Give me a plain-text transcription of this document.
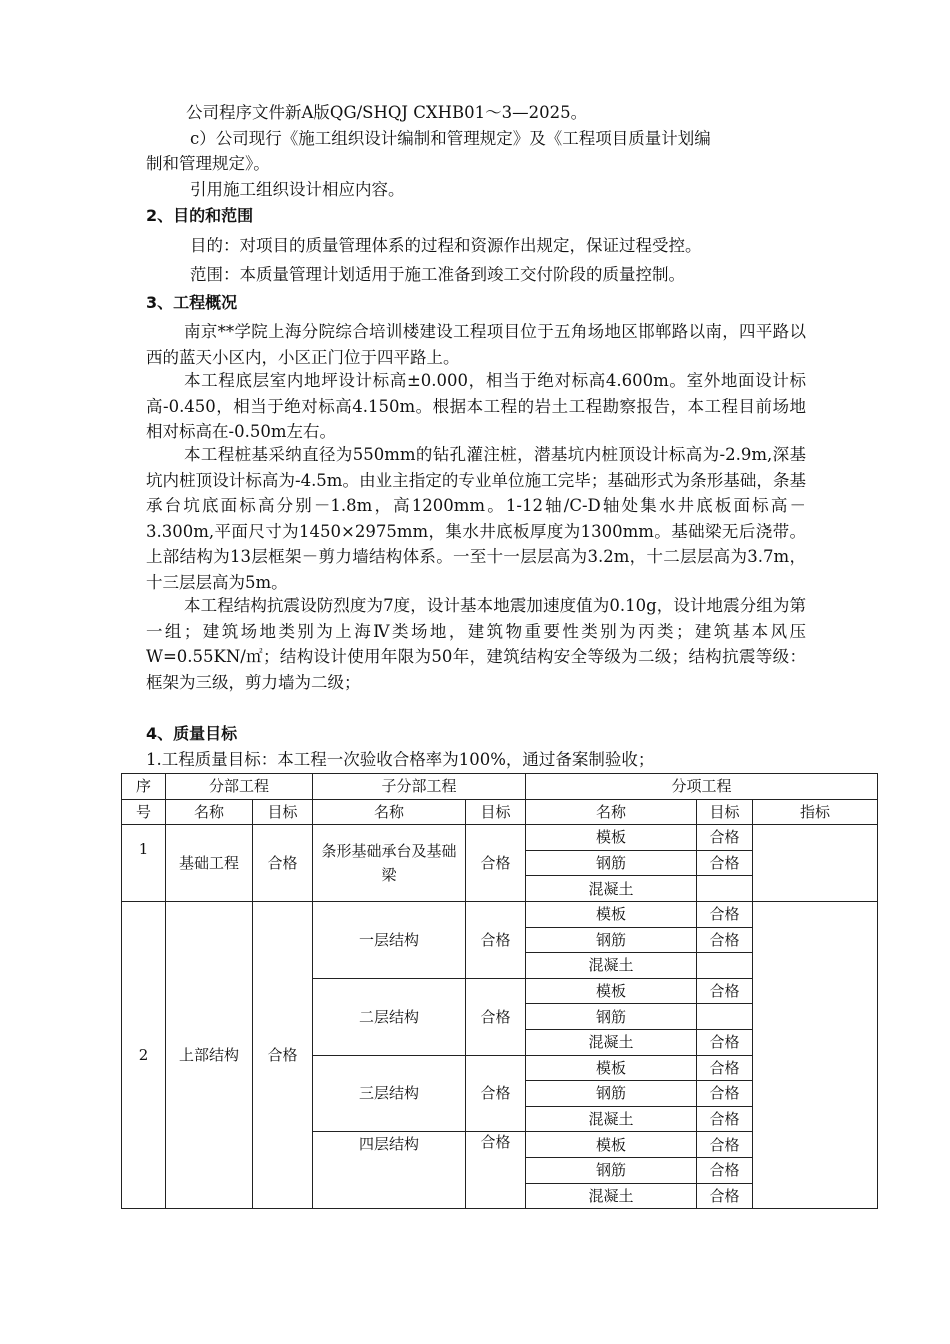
公司程序文件新A版QG/SHQJ CXHB01～3—2025。
c）公司现行《施工组织设计编制和管理规定》及《工程项目质量计划编
制和管理规定》。
引用施工组织设计相应内容。
2、目的和范围
目的：对项目的质量管理体系的过程和资源作出规定，保证过程受控。
范围：本质量管理计划适用于施工准备到竣工交付阶段的质量控制。
3、工程概况
南京**学院上海分院综合培训楼建设工程项目位于五角场地区邯郸路以南，四平路以西的蓝天小区内，小区正门位于四平路上。
本工程底层室内地坪设计标高±0.000，相当于绝对标高4.600m。室外地面设计标高-0.450，相当于绝对标高4.150m。根据本工程的岩土工程勘察报告，本工程目前场地相对标高在-0.50m左右。
本工程桩基采纳直径为550mm的钻孔灌注桩，潜基坑内桩顶设计标高为-2.9m,深基坑内桩顶设计标高为-4.5m。由业主指定的专业单位施工完毕；基础形式为条形基础，条基承台坑底面标高分别－1.8m，高1200mm。1-12轴/C-D轴处集水井底板面标高－3.300m,平面尺寸为1450×2975mm，集水井底板厚度为1300mm。基础梁无后浇带。上部结构为13层框架－剪力墙结构体系。一至十一层层高为3.2m，十二层层高为3.7m，十三层层高为5m。
本工程结构抗震设防烈度为7度，设计基本地震加速度值为0.10g，设计地震分组为第一组；建筑场地类别为上海Ⅳ类场地，建筑物重要性类别为丙类；建筑基本风压W=0.55KN/㎡；结构设计使用年限为50年，建筑结构安全等级为二级；结构抗震等级：框架为三级，剪力墙为二级；
4、质量目标
1.工程质量目标：本工程一次验收合格率为100%，通过备案制验收；
序	分部工程		子分部工程		分项工程		
号	名称	目标	名称	目标	名称	目标	指标
1	基础工程	合格	条形基础承台及基础梁	合格	模板	合格	
					钢筋	合格	
					混凝土		
2	上部结构	合格	一层结构	合格	模板	合格	
					钢筋	合格	
					混凝土		
			二层结构	合格	模板	合格	
					钢筋		
					混凝土	合格	
			三层结构	合格	模板	合格	
					钢筋	合格	
					混凝土	合格	
			四层结构	合格	模板	合格	
					钢筋	合格	
					混凝土	合格	
